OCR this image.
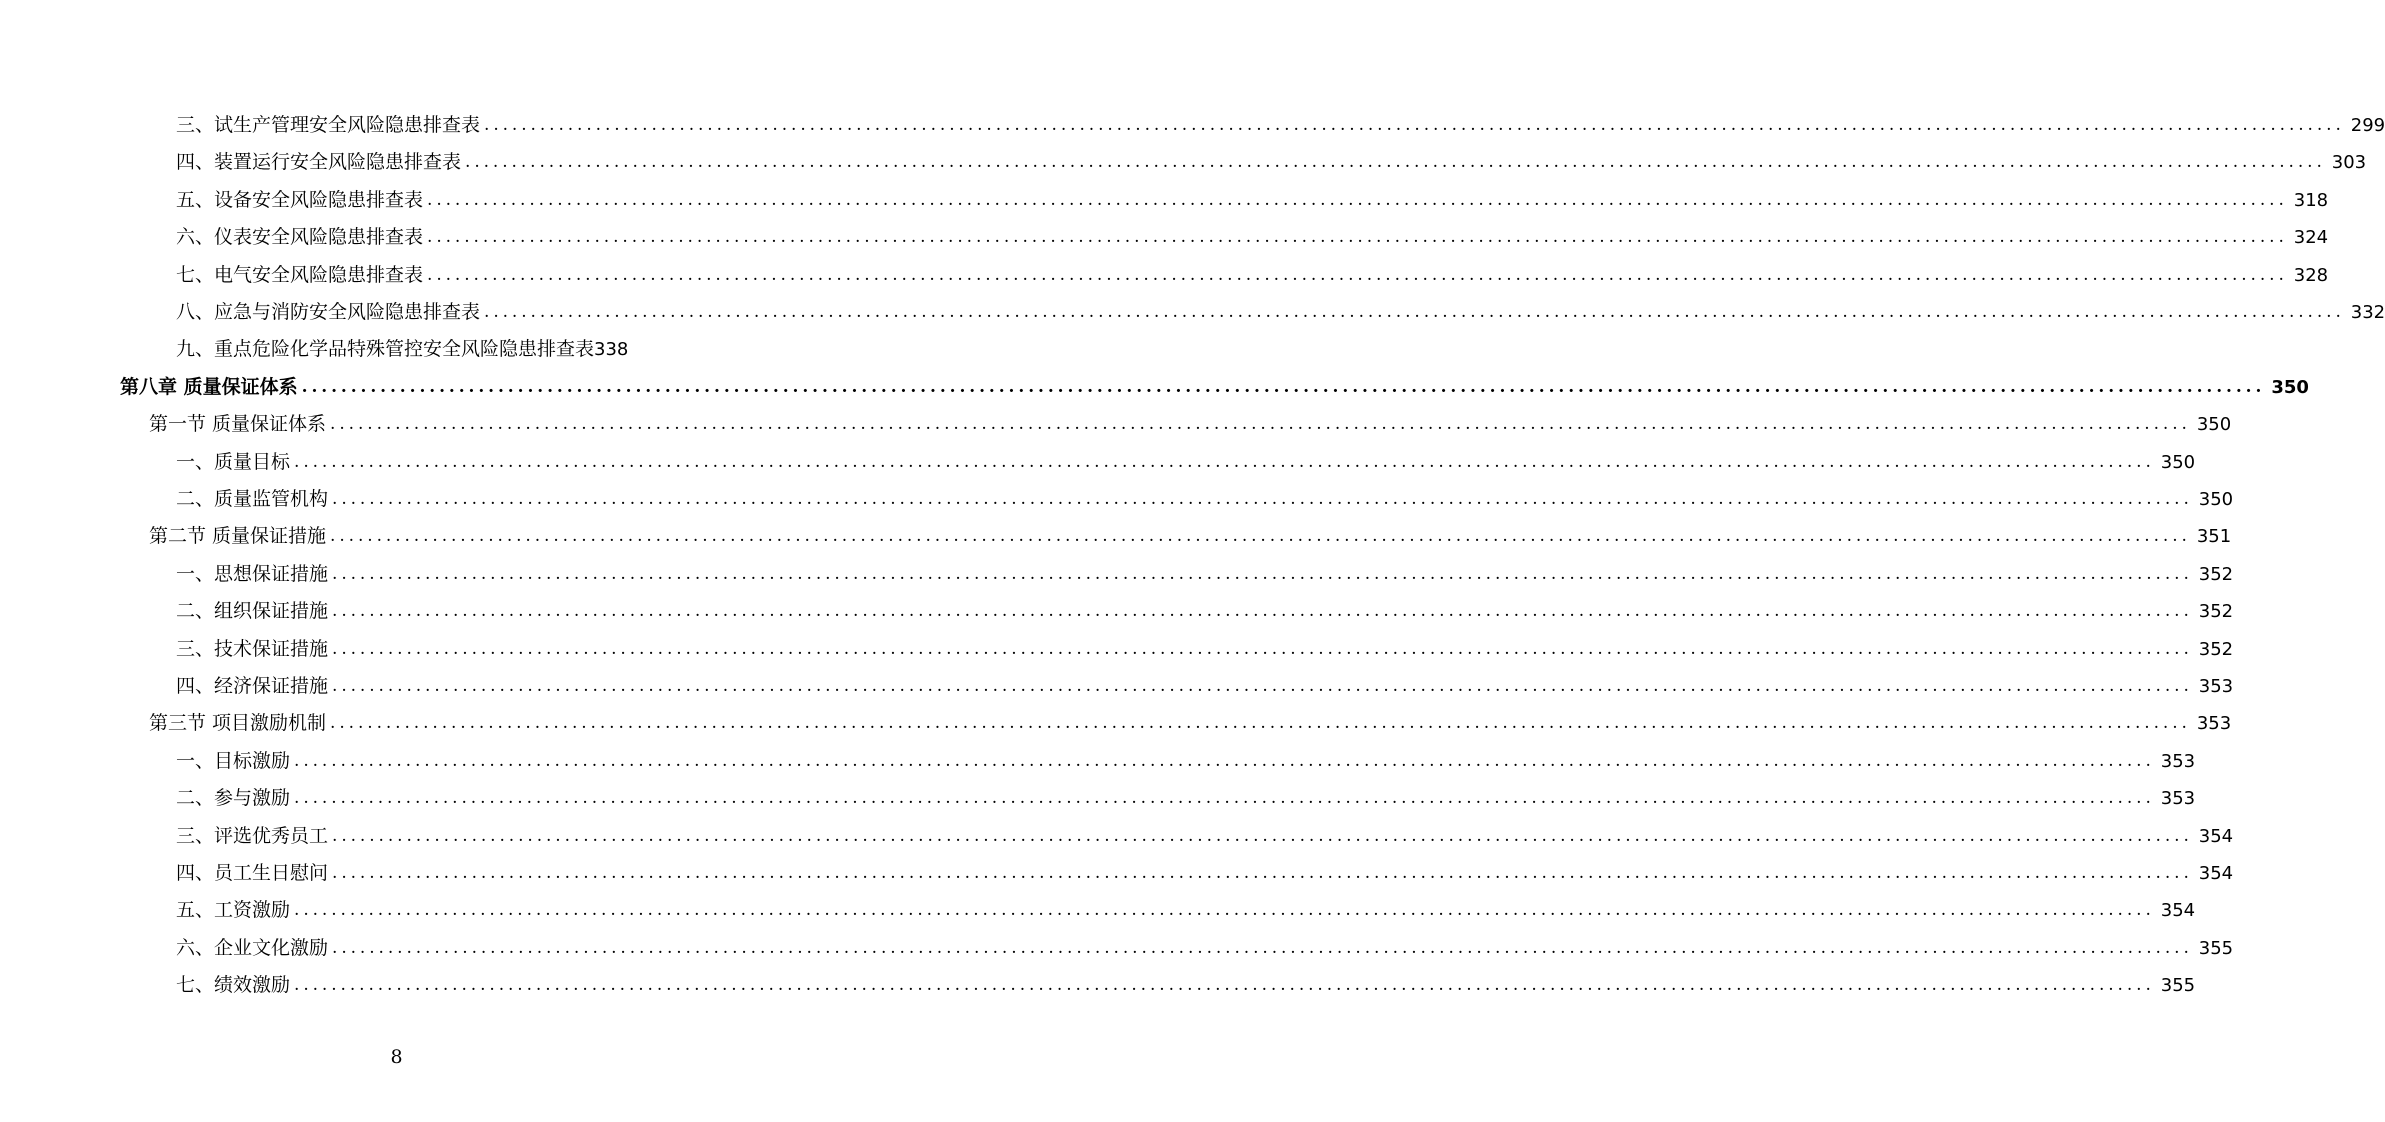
三、试生产管理安全风险隐患排查表 ........................................................................................................................................................................................................ 299
四、装置运行安全风险隐患排查表 ........................................................................................................................................................................................................ 303
五、设备安全风险隐患排查表 ........................................................................................................................................................................................................ 318
六、仪表安全风险隐患排查表 ........................................................................................................................................................................................................ 324
七、电气安全风险隐患排查表 ........................................................................................................................................................................................................ 328
八、应急与消防安全风险隐患排查表 ........................................................................................................................................................................................................ 332
九、重点危险化学品特殊管控安全风险隐患排查表 338
第八章 质量保证体系 ........................................................................................................................................................................................................ 350
第一节 质量保证体系 ........................................................................................................................................................................................................ 350
一、质量目标 ........................................................................................................................................................................................................ 350
二、质量监管机构 ........................................................................................................................................................................................................ 350
第二节 质量保证措施 ........................................................................................................................................................................................................ 351
一、思想保证措施 ........................................................................................................................................................................................................ 352
二、组织保证措施 ........................................................................................................................................................................................................ 352
三、技术保证措施 ........................................................................................................................................................................................................ 352
四、经济保证措施 ........................................................................................................................................................................................................ 353
第三节 项目激励机制 ........................................................................................................................................................................................................ 353
一、目标激励 ........................................................................................................................................................................................................ 353
二、参与激励 ........................................................................................................................................................................................................ 353
三、评选优秀员工 ........................................................................................................................................................................................................ 354
四、员工生日慰问 ........................................................................................................................................................................................................ 354
五、工资激励 ........................................................................................................................................................................................................ 354
六、企业文化激励 ........................................................................................................................................................................................................ 355
七、绩效激励 ........................................................................................................................................................................................................ 355
8
